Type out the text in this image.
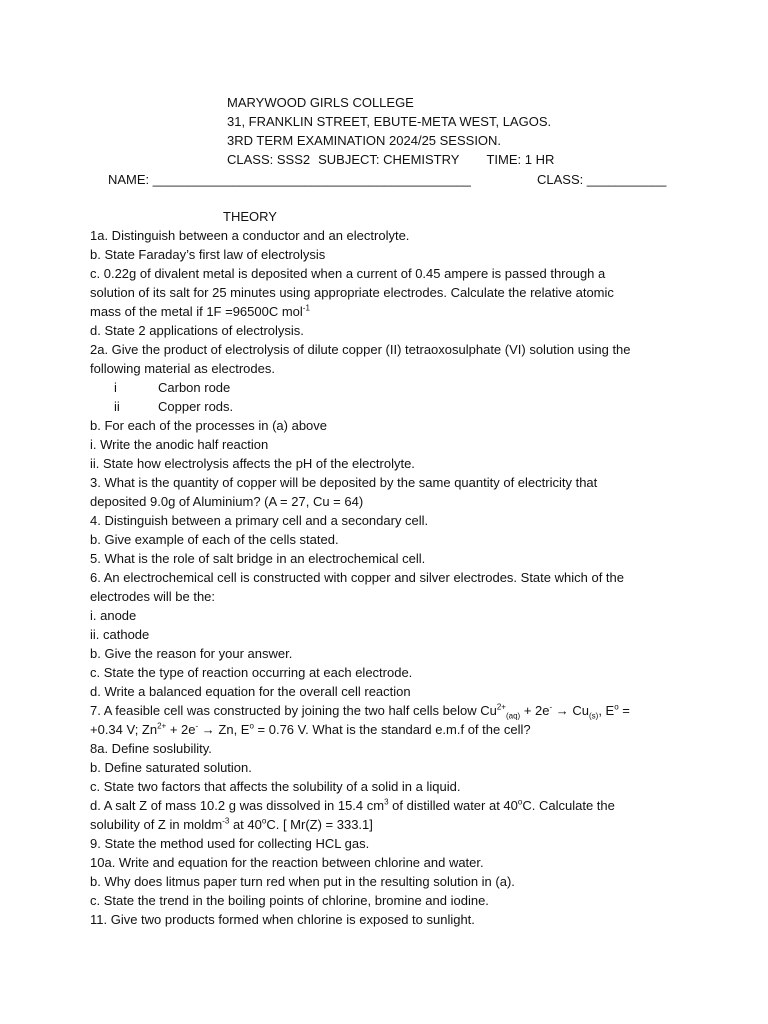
MARYWOOD GIRLS COLLEGE
31, FRANKLIN STREET, EBUTE-META WEST, LAGOS.
3RD TERM EXAMINATION 2024/25 SESSION.
CLASS: SSS2 SUBJECT: CHEMISTRY TIME: 1 HR
NAME: ____________________________________________	CLASS: ___________
THEORY
1a. Distinguish between a conductor and an electrolyte.
b. State Faraday’s first law of electrolysis
c. 0.22g of divalent metal is deposited when a current of 0.45 ampere is passed through a
solution of its salt for 25 minutes using appropriate electrodes. Calculate the relative atomic
mass of the metal if 1F =96500C mol$^{-1}$
d. State 2 applications of electrolysis.
2a. Give the product of electrolysis of dilute copper (II) tetraoxosulphate (VI) solution using the
following material as electrodes.
i	Carbon rode
ii	Copper rods.
b. For each of the processes in (a) above
i. Write the anodic half reaction
ii. State how electrolysis affects the pH of the electrolyte.
3. What is the quantity of copper will be deposited by the same quantity of electricity that
deposited 9.0g of Aluminium? (A = 27, Cu = 64)
4. Distinguish between a primary cell and a secondary cell.
b. Give example of each of the cells stated.
5. What is the role of salt bridge in an electrochemical cell.
6. An electrochemical cell is constructed with copper and silver electrodes. State which of the
electrodes will be the:
i. anode
ii. cathode
b. Give the reason for your answer.
c. State the type of reaction occurring at each electrode.
d. Write a balanced equation for the overall cell reaction
7. A feasible cell was constructed by joining the two half cells below $Cu^{2+}_{(aq)} + 2e^- \to Cu_{(s)}$, $E^o$ =
+0.34 V; $Zn^{2+} + 2e^- \to Zn$, $E^o = 0.76$ V. What is the standard e.m.f of the cell?
8a. Define soslubility.
b. Define saturated solution.
c. State two factors that affects the solubility of a solid in a liquid.
d. A salt Z of mass 10.2 g was dissolved in 15.4 $cm^3$ of distilled water at 40$^o$C. Calculate the
solubility of Z in moldm$^{-3}$ at 40$^o$C. [ Mr(Z) = 333.1]
9. State the method used for collecting HCL gas.
10a. Write and equation for the reaction between chlorine and water.
b. Why does litmus paper turn red when put in the resulting solution in (a).
c. State the trend in the boiling points of chlorine, bromine and iodine.
11. Give two products formed when chlorine is exposed to sunlight.
